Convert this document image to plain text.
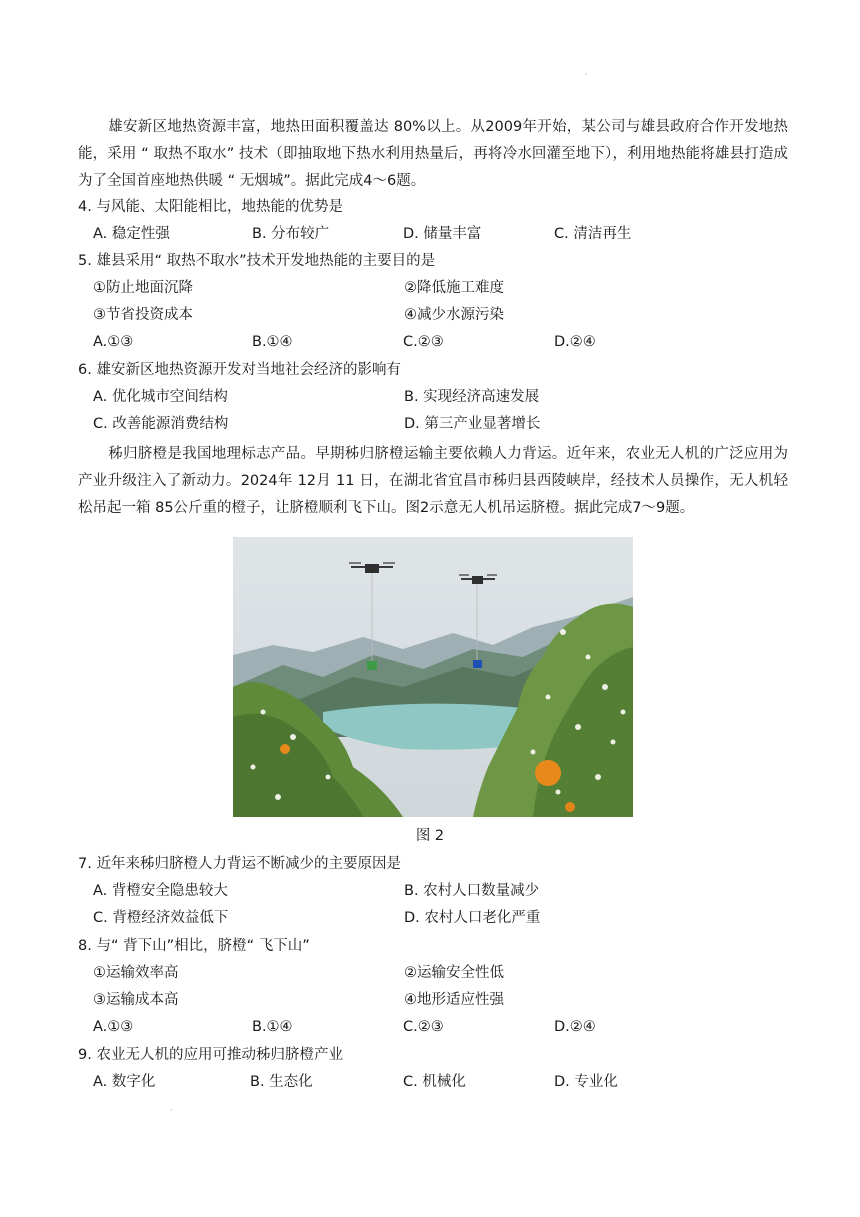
·
雄安新区地热资源丰富，地热田面积覆盖达 80%以上。从2009年开始，某公司与雄县政府合作开发地热能，采用 “ 取热不取水” 技术（即抽取地下热水利用热量后，再将冷水回灌至地下），利用地热能将雄县打造成为了全国首座地热供暖 “ 无烟城”。据此完成4～6题。
4. 与风能、太阳能相比，地热能的优势是
A. 稳定性强	B. 分布较广	D. 储量丰富	C. 清洁再生
5. 雄县采用“ 取热不取水”技术开发地热能的主要目的是
①防止地面沉降	②降低施工难度
③节省投资成本	④减少水源污染
A.①③	B.①④	C.②③	D.②④
6. 雄安新区地热资源开发对当地社会经济的影响有
A. 优化城市空间结构	B. 实现经济高速发展
C. 改善能源消费结构	D. 第三产业显著增长
秭归脐橙是我国地理标志产品。早期秭归脐橙运输主要依赖人力背运。近年来，农业无人机的广泛应用为产业升级注入了新动力。2024年 12月 11 日，在湖北省宜昌市秭归县西陵峡岸，经技术人员操作，无人机轻松吊起一箱 85公斤重的橙子，让脐橙顺利飞下山。图2示意无人机吊运脐橙。据此完成7～9题。
图 2
7. 近年来秭归脐橙人力背运不断减少的主要原因是
A. 背橙安全隐患较大	B. 农村人口数量减少
C. 背橙经济效益低下	D. 农村人口老化严重
8. 与“ 背下山”相比，脐橙“ 飞下山”
①运输效率高	②运输安全性低
③运输成本高	④地形适应性强
A.①③	B.①④	C.②③	D.②④
9. 农业无人机的应用可推动秭归脐橙产业
A. 数字化	B. 生态化	C. 机械化	D. 专业化
·
